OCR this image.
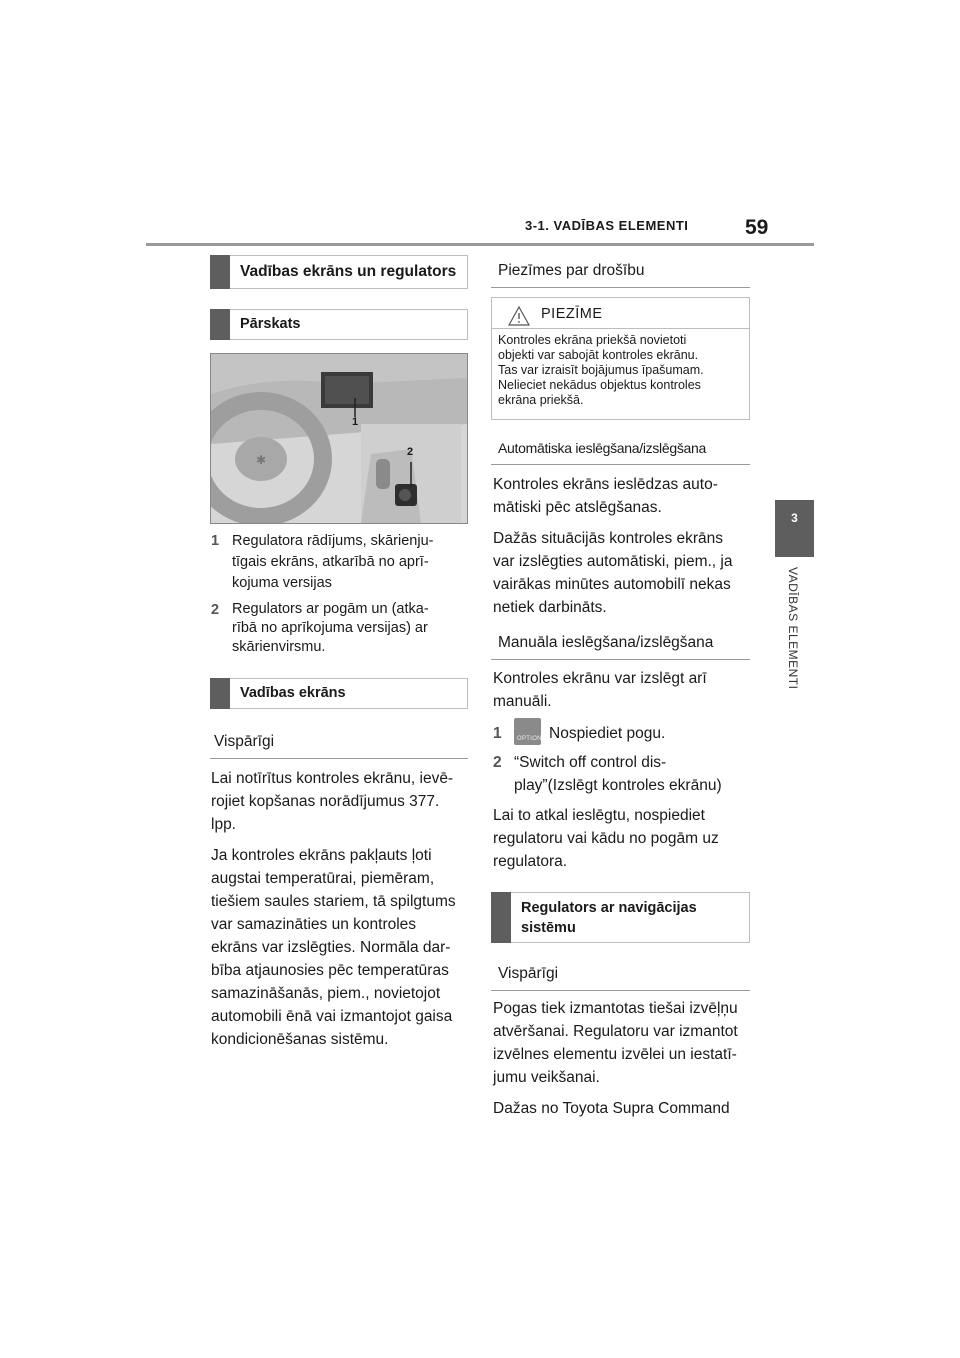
3-1. VADĪBAS ELEMENTI	59
3
VADĪBAS ELEMENTI
Vadības ekrāns un regulators
Pārskats
✱
1
2
1 Regulatora rādījums, skārienju-
tīgais ekrāns, atkarībā no aprī-
kojuma versijas
2 Regulators ar pogām un (atka-
rībā no aprīkojuma versijas) ar
skārienvirsmu.
Vadības ekrāns
Vispārīgi

Lai notīrītus kontroles ekrānu, ievē-
rojiet kopšanas norādījumus 377.
lpp.

Ja kontroles ekrāns pakļauts ļoti
augstai temperatūrai, piemēram,
tiešiem saules stariem, tā spilgtums
var samazināties un kontroles
ekrāns var izslēgties. Normāla dar-
bība atjaunosies pēc temperatūras
samazināšanās, piem., novietojot
automobili ēnā vai izmantojot gaisa
kondicionēšanas sistēmu.

Piezīmes par drošību
PIEZĪME
Kontroles ekrāna priekšā novietoti
objekti var sabojāt kontroles ekrānu.
Tas var izraisīt bojājumus īpašumam.
Nelieciet nekādus objektus kontroles
ekrāna priekšā.
Automātiska ieslēgšana/izslēgšana

Kontroles ekrāns ieslēdzas auto-
mātiski pēc atslēgšanas.

Dažās situācijās kontroles ekrāns
var izslēgties automātiski, piem., ja
vairākas minūtes automobilī nekas
netiek darbināts.

Manuāla ieslēgšana/izslēgšana

Kontroles ekrānu var izslēgt arī
manuāli.

1	OPTION Nospiediet pogu.
2 “Switch off control dis-
play”(Izslēgt kontroles ekrānu)

Lai to atkal ieslēgtu, nospiediet
regulatoru vai kādu no pogām uz
regulatora.

Regulators ar navigācijas
sistēmu
Vispārīgi

Pogas tiek izmantotas tiešai izvēļņu
atvēršanai. Regulatoru var izmantot
izvēlnes elementu izvēlei un iestatī-
jumu veikšanai.

Dažas no Toyota Supra Command
